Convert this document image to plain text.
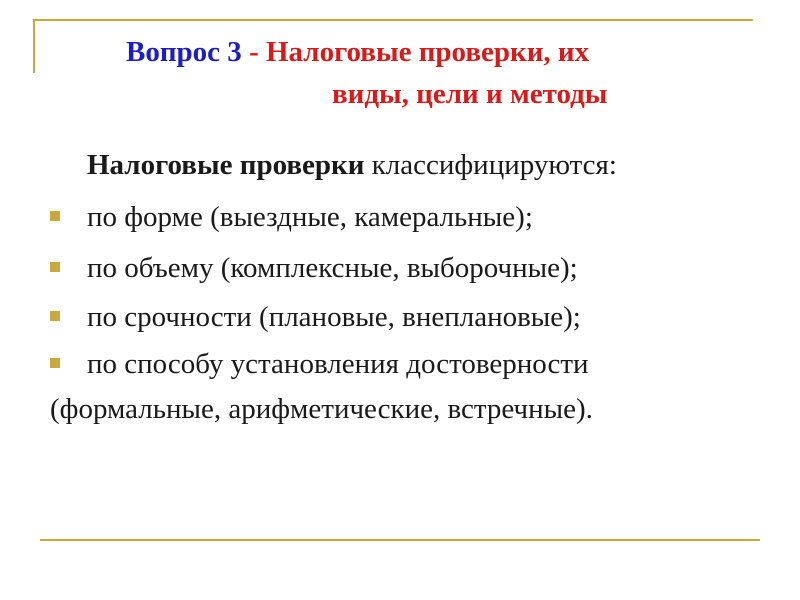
Вопрос 3 - Налоговые проверки, их
виды, цели и методы
Налоговые проверки классифицируются:
по форме (выездные, камеральные);
по объему (комплексные, выборочные);
по срочности (плановые, внеплановые);
по способу установления достоверности
(формальные, арифметические, встречные).
